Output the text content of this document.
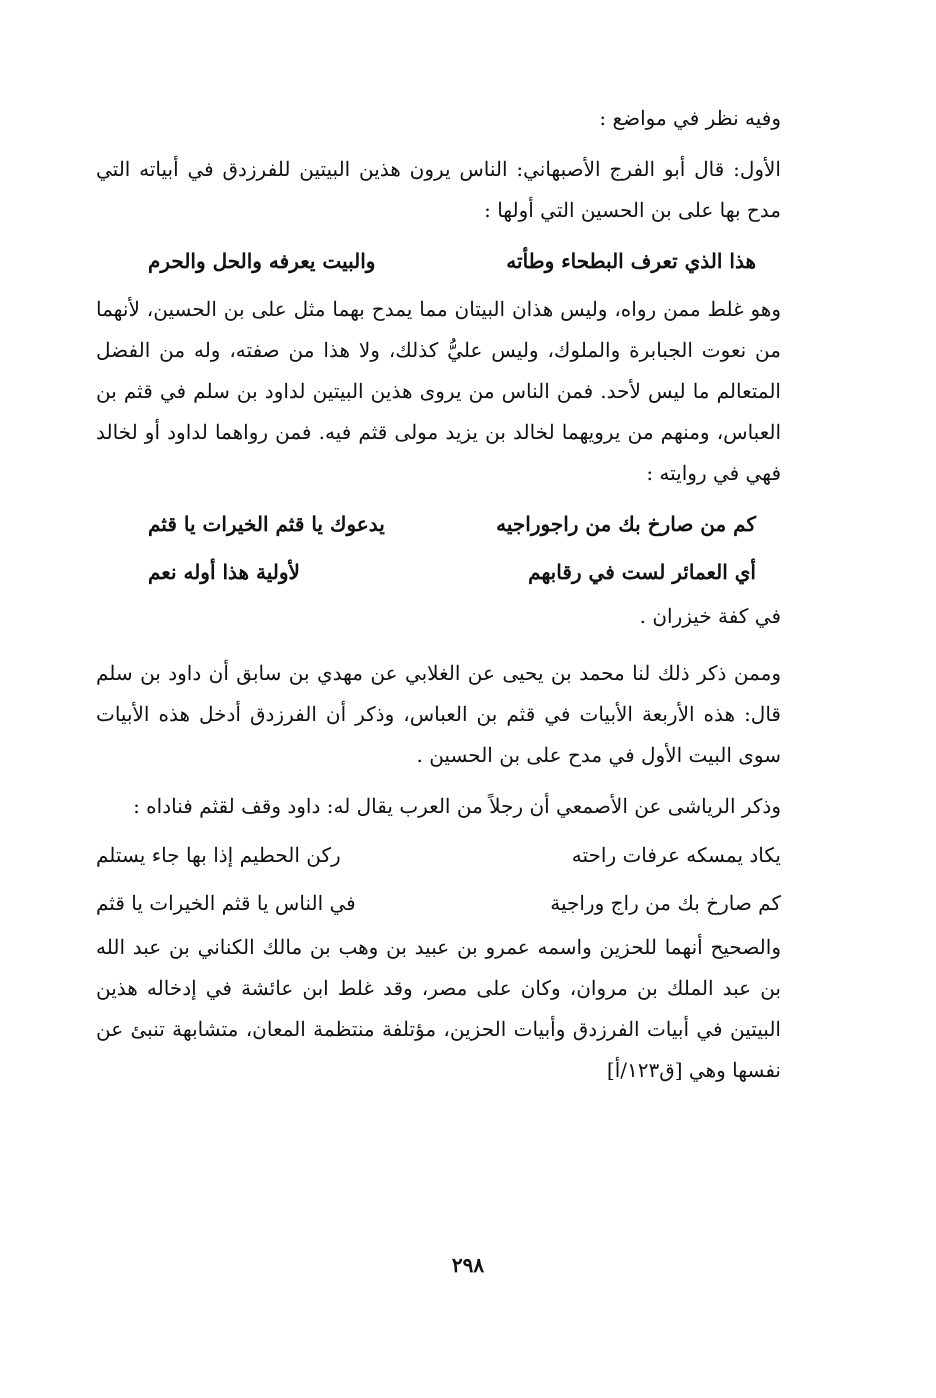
وفيه نظر في مواضع :

الأول: قال أبو الفرج الأصبهاني: الناس يرون هذين البيتين للفرزدق في أبياته التي مدح بها على بن الحسين التي أولها :

هذا الذي تعرف البطحاء وطأته
والبيت يعرفه والحل والحرم

وهو غلط ممن رواه، وليس هذان البيتان مما يمدح بهما مثل على بن الحسين، لأنهما من نعوت الجبابرة والملوك، وليس عليُّ كذلك، ولا هذا من صفته، وله من الفضل المتعالم ما ليس لأحد. فمن الناس من يروى هذين البيتين لداود بن سلم في قثم بن العباس، ومنهم من يرويهما لخالد بن يزيد مولى قثم فيه. فمن رواهما لداود أو لخالد فهي في روايته :

كم من صارخ بك من راجوراجيه
يدعوك يا قثم الخيرات يا قثم
أي العمائر لست في رقابهم
لأولية هذا أوله نعم

في كفة خيزران .

وممن ذكر ذلك لنا محمد بن يحيى عن الغلابي عن مهدي بن سابق أن داود بن سلم قال: هذه الأربعة الأبيات في قثم بن العباس، وذكر أن الفرزدق أدخل هذه الأبيات سوى البيت الأول في مدح على بن الحسين .

وذكر الرياشى عن الأصمعي أن رجلاً من العرب يقال له: داود وقف لقثم فناداه :

يكاد يمسكه عرفات راحته
ركن الحطيم إذا بها جاء يستلم
كم صارخ بك من راج وراجية
في الناس يا قثم الخيرات يا قثم

والصحيح أنهما للحزين واسمه عمرو بن عبيد بن وهب بن مالك الكناني بن عبد الله بن عبد الملك بن مروان، وكان على مصر، وقد غلط ابن عائشة في إدخاله هذين البيتين في أبيات الفرزدق وأبيات الحزين، مؤتلفة منتظمة المعان، متشابهة تنبئ عن نفسها وهي [ق١٢٣/أ]

٢٩٨
